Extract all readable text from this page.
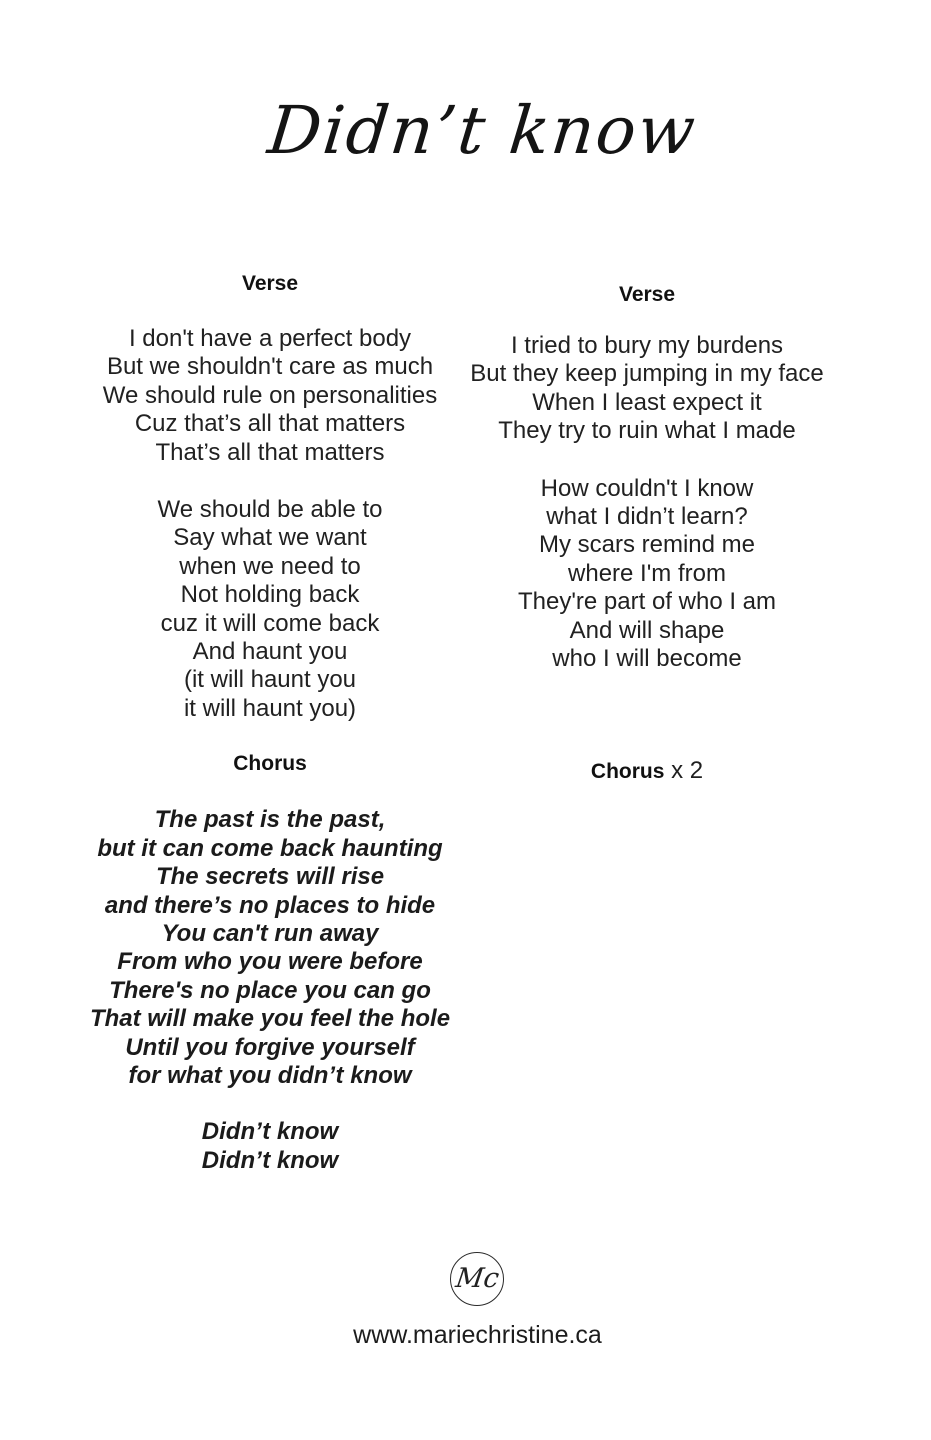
Didn’t know
Verse
I don't have a perfect body
But we shouldn't care as much
We should rule on personalities
Cuz that’s all that matters
That’s all that matters
We should be able to
Say what we want
when we need to
Not holding back
cuz it will come back
And haunt you
(it will haunt you
it will haunt you)
Chorus
The past is the past,
but it can come back haunting
The secrets will rise
and there’s no places to hide
You can't run away
From who you were before
There's no place you can go
That will make you feel the hole
Until you forgive yourself
for what you didn’t know
Didn’t know
Didn’t know
Verse
I tried to bury my burdens
But they keep jumping in my face
When I least expect it
They try to ruin what I made
How couldn't I know
what I didn’t learn?
My scars remind me
where I'm from
They're part of who I am
And will shape
who I will become
Chorus x 2
Mc
www.mariechristine.ca
